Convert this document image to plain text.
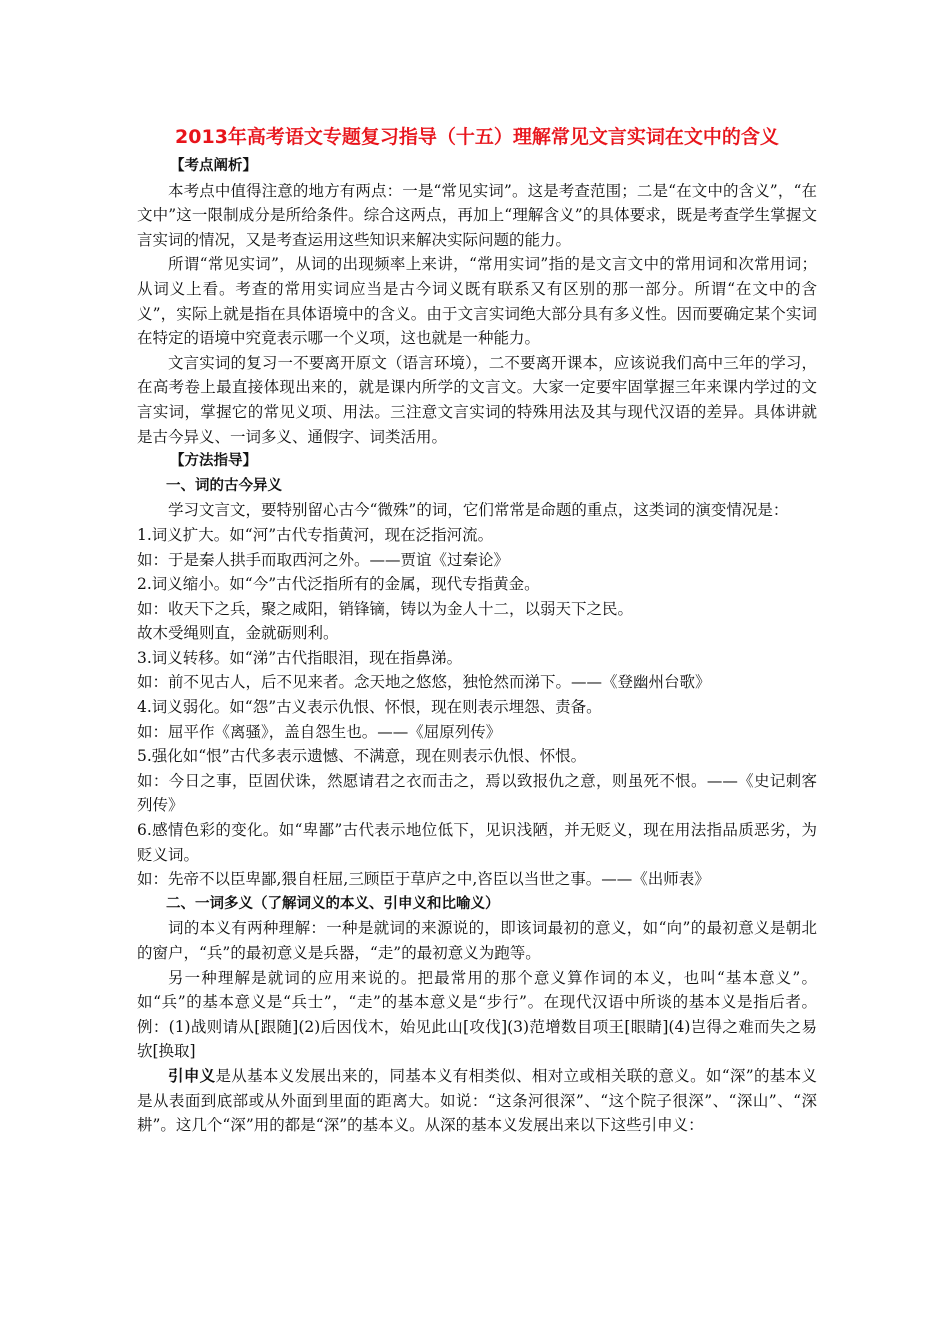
2013年高考语文专题复习指导（十五）理解常见文言实词在文中的含义

【考点阐析】

本考点中值得注意的地方有两点：一是“常见实词”。这是考查范围；二是“在文中的含义”，“在文中”这一限制成分是所给条件。综合这两点，再加上“理解含义”的具体要求，既是考查学生掌握文言实词的情况，又是考查运用这些知识来解决实际问题的能力。

所谓“常见实词”，从词的出现频率上来讲，“常用实词”指的是文言文中的常用词和次常用词；从词义上看。考查的常用实词应当是古今词义既有联系又有区别的那一部分。所谓“在文中的含义”，实际上就是指在具体语境中的含义。由于文言实词绝大部分具有多义性。因而要确定某个实词在特定的语境中究竟表示哪一个义项，这也就是一种能力。

文言实词的复习一不要离开原文（语言环境），二不要离开课本，应该说我们高中三年的学习，在高考卷上最直接体现出来的，就是课内所学的文言文。大家一定要牢固掌握三年来课内学过的文言实词，掌握它的常见义项、用法。三注意文言实词的特殊用法及其与现代汉语的差异。具体讲就是古今异义、一词多义、通假字、词类活用。

【方法指导】

一、词的古今异义

学习文言文，要特别留心古今“微殊”的词，它们常常是命题的重点，这类词的演变情况是：

1.词义扩大。如“河”古代专指黄河，现在泛指河流。

如：于是秦人拱手而取西河之外。——贾谊《过秦论》

2.词义缩小。如“今”古代泛指所有的金属，现代专指黄金。

如：收天下之兵，聚之咸阳，销锋镝，铸以为金人十二，以弱天下之民。

故木受绳则直，金就砺则利。

3.词义转移。如“涕”古代指眼泪，现在指鼻涕。

如：前不见古人，后不见来者。念天地之悠悠，独怆然而涕下。——《登幽州台歌》

4.词义弱化。如“怨”古义表示仇恨、怀恨，现在则表示埋怨、责备。

如：屈平作《离骚》，盖自怨生也。——《屈原列传》

5.强化如“恨”古代多表示遗憾、不满意，现在则表示仇恨、怀恨。

如：今日之事，臣固伏诛，然愿请君之衣而击之，焉以致报仇之意，则虽死不恨。——《史记刺客列传》

6.感情色彩的变化。如“卑鄙”古代表示地位低下，见识浅陋，并无贬义，现在用法指品质恶劣，为贬义词。

如：先帝不以臣卑鄙,猥自枉屈,三顾臣于草庐之中,咨臣以当世之事。——《出师表》

二、一词多义（了解词义的本义、引申义和比喻义）

词的本义有两种理解：一种是就词的来源说的，即该词最初的意义，如“向”的最初意义是朝北的窗户，“兵”的最初意义是兵器，“走”的最初意义为跑等。

另一种理解是就词的应用来说的。把最常用的那个意义算作词的本义，也叫“基本意义”。如“兵”的基本意义是“兵士”，“走”的基本意义是“步行”。在现代汉语中所谈的基本义是指后者。例：(1)战则请从[跟随](2)后因伐木，始见此山[攻伐](3)范增数目项王[眼睛](4)岂得之难而失之易欤[换取]

引申义是从基本义发展出来的，同基本义有相类似、相对立或相关联的意义。如“深”的基本义是从表面到底部或从外面到里面的距离大。如说：“这条河很深”、“这个院子很深”、“深山”、“深耕”。这几个“深”用的都是“深”的基本义。从深的基本义发展出来以下这些引申义：
